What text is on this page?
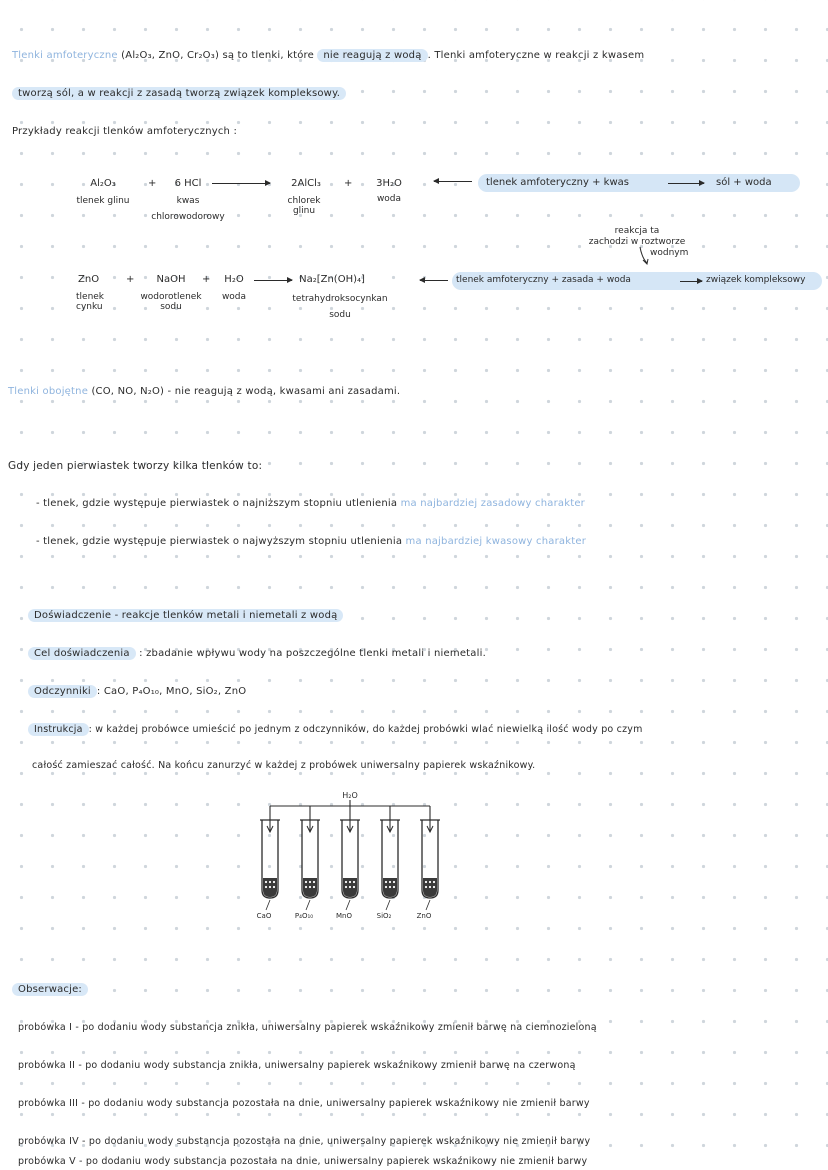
Tlenki amfoteryczne (Al₂O₃, ZnO, Cr₂O₃) są to tlenki, które nie reagują z wodą . Tlenki amfoteryczne w reakcji z kwasem
tworzą sól, a w reakcji z zasadą tworzą związek kompleksowy.
Przykłady reakcji tlenków amfoterycznych :
Al₂O₃
tlenek glinu
+	6 HCl
kwas
chlorowodorowy
2AlCl₃
chlorek glinu
+	3H₂O
woda
tlenek amfoteryczny + kwas	sól + woda
reakcja ta
zachodzi w roztworze
wodnym
ZnO
tlenek cynku
+	NaOH
wodorotlenek sodu
+	H₂O
woda
Na₂[Zn(OH)₄]
tetrahydroksocynkan
sodu
tlenek amfoteryczny + zasada + woda	związek kompleksowy
Tlenki obojętne (CO, NO, N₂O) - nie reagują z wodą, kwasami ani zasadami.
Gdy jeden pierwiastek tworzy kilka tlenków to:
- tlenek, gdzie występuje pierwiastek o najniższym stopniu utlenienia ma najbardziej zasadowy charakter
- tlenek, gdzie występuje pierwiastek o najwyższym stopniu utlenienia ma najbardziej kwasowy charakter
Doświadczenie - reakcje tlenków metali i niemetali z wodą
Cel doświadczenia : zbadanie wpływu wody na poszczególne tlenki metali i niemetali.
Odczynniki : CaO, P₄O₁₀, MnO, SiO₂, ZnO
Instrukcja : w każdej probówce umieścić po jednym z odczynników, do każdej probówki wlać niewielką ilość wody po czym
całość zamieszać całość. Na końcu zanurzyć w każdej z probówek uniwersalny papierek wskaźnikowy.
H₂O
CaO	P₄O₁₀	MnO	SiO₂	ZnO
Obserwacje:
probówka I - po dodaniu wody substancja znikła, uniwersalny papierek wskaźnikowy zmienił barwę na ciemnozieloną
probówka II - po dodaniu wody substancja znikła, uniwersalny papierek wskaźnikowy zmienił barwę na czerwoną
probówka III - po dodaniu wody substancja pozostała na dnie, uniwersalny papierek wskaźnikowy nie zmienił barwy
probówka IV - po dodaniu wody substancja pozostała na dnie, uniwersalny papierek wskaźnikowy nie zmienił barwy
probówka V - po dodaniu wody substancja pozostała na dnie, uniwersalny papierek wskaźnikowy nie zmienił barwy
